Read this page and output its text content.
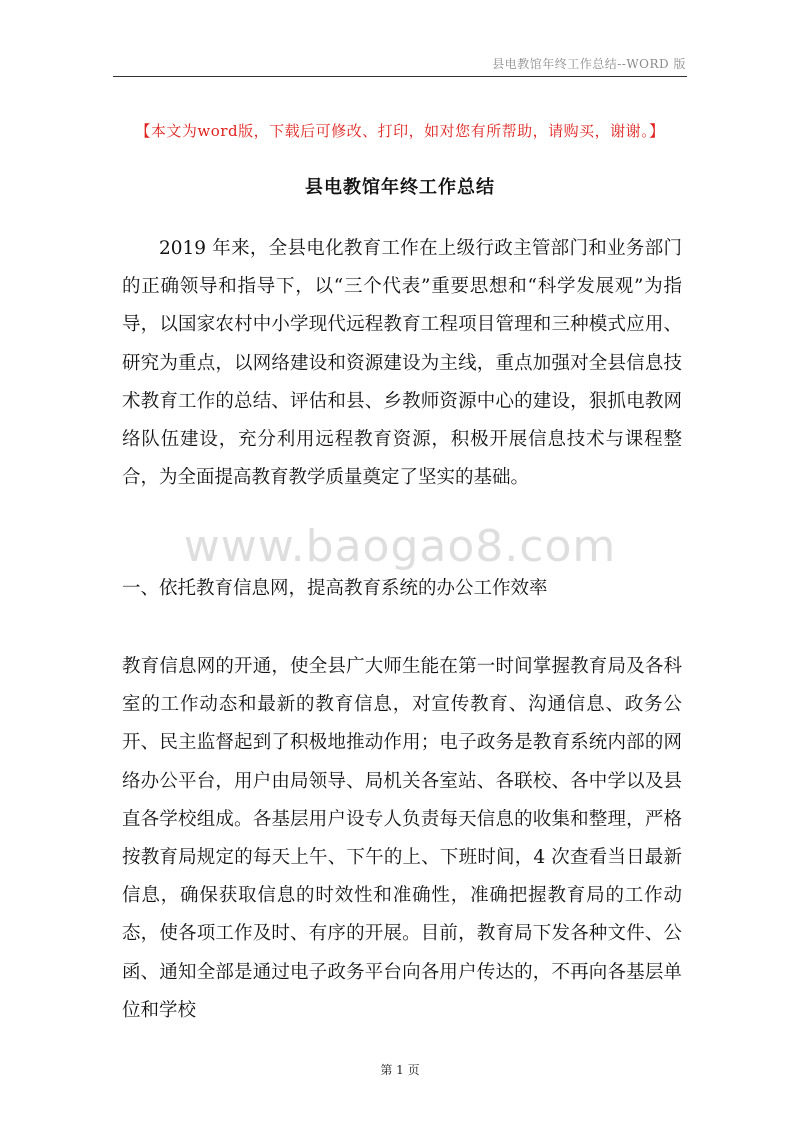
县电教馆年终工作总结--WORD 版
【本文为word版，下载后可修改、打印，如对您有所帮助，请购买，谢谢。】
县电教馆年终工作总结

2019 年来，全县电化教育工作在上级行政主管部门和业务部门的正确领导和指导下，以“三个代表”重要思想和“科学发展观”为指导，以国家农村中小学现代远程教育工程项目管理和三种模式应用、研究为重点，以网络建设和资源建设为主线，重点加强对全县信息技术教育工作的总结、评估和县、乡教师资源中心的建设，狠抓电教网络队伍建设，充分利用远程教育资源，积极开展信息技术与课程整合，为全面提高教育教学质量奠定了坚实的基础。

www.baogao8.com
一、依托教育信息网，提高教育系统的办公工作效率

教育信息网的开通，使全县广大师生能在第一时间掌握教育局及各科室的工作动态和最新的教育信息，对宣传教育、沟通信息、政务公开、民主监督起到了积极地推动作用；电子政务是教育系统内部的网络办公平台，用户由局领导、局机关各室站、各联校、各中学以及县直各学校组成。各基层用户设专人负责每天信息的收集和整理，严格按教育局规定的每天上午、下午的上、下班时间，4 次查看当日最新信息，确保获取信息的时效性和准确性，准确把握教育局的工作动态，使各项工作及时、有序的开展。目前，教育局下发各种文件、公函、通知全部是通过电子政务平台向各用户传达的，不再向各基层单位和学校

第 1 页
